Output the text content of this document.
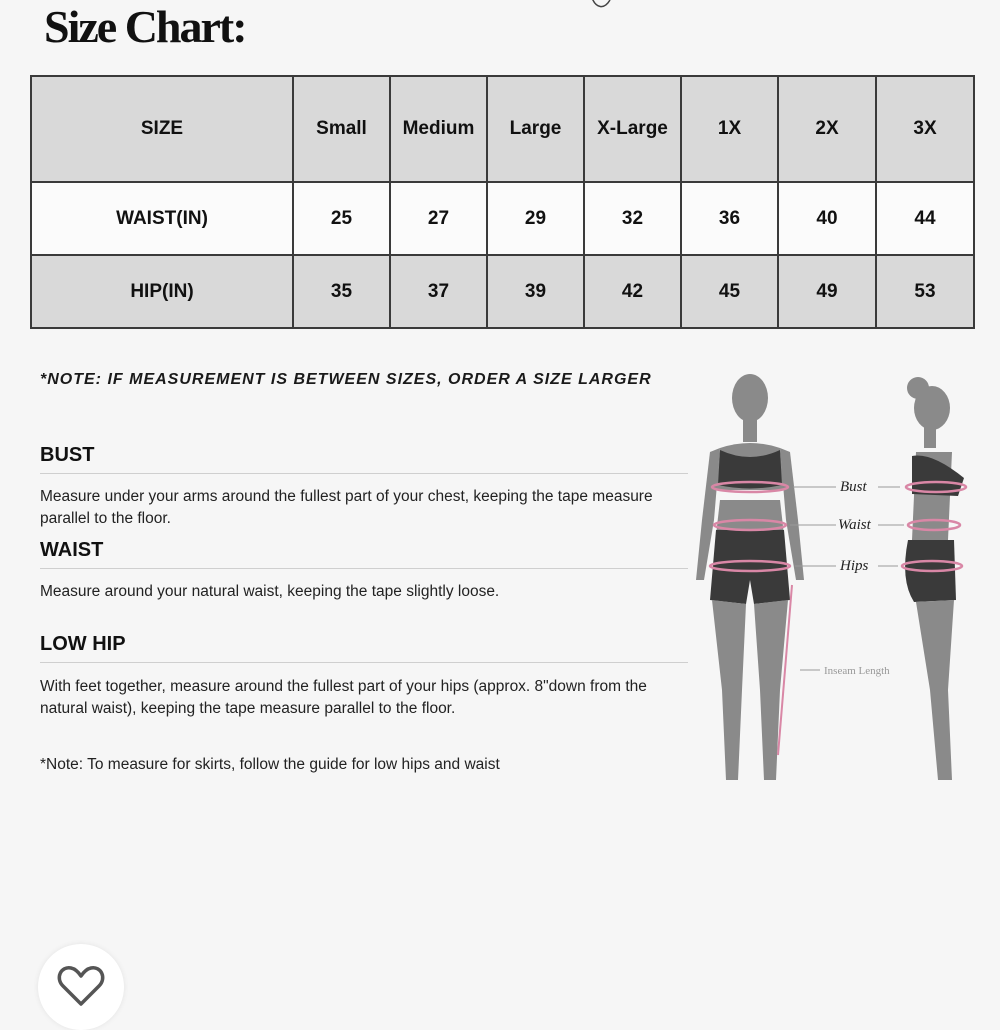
Size Chart:
SIZE	Small	Medium	Large	X-Large	1X	2X	3X
WAIST(IN)	25	27	29	32	36	40	44
HIP(IN)	35	37	39	42	45	49	53
*NOTE: IF MEASUREMENT IS BETWEEN SIZES, ORDER A SIZE LARGER
BUST
Measure under your arms around the fullest part of your chest, keeping the tape measure parallel to the floor.
WAIST
Measure around your natural waist, keeping the tape slightly loose.
LOW HIP
With feet together, measure around the fullest part of your hips (approx. 8"down from the natural waist), keeping the tape measure parallel to the floor.
*Note: To measure for skirts, follow the guide for low hips and waist
Bust
Waist
Hips
Inseam Length
